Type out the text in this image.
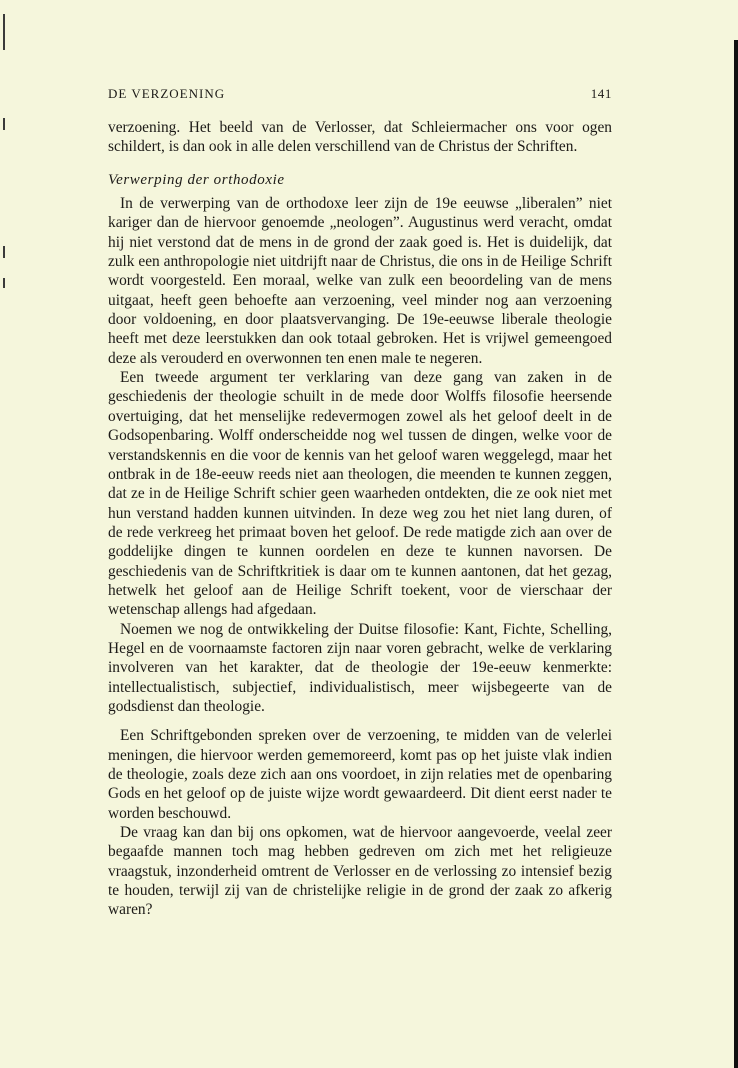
DE VERZOENING	141

verzoening. Het beeld van de Verlosser, dat Schleiermacher ons voor ogen schildert, is dan ook in alle delen verschillend van de Christus der Schriften.

Verwerping der orthodoxie

In de verwerping van de orthodoxe leer zijn de 19e eeuwse „liberalen” niet kariger dan de hiervoor genoemde „neologen”. Augustinus werd veracht, omdat hij niet verstond dat de mens in de grond der zaak goed is. Het is duidelijk, dat zulk een anthropologie niet uitdrijft naar de Christus, die ons in de Heilige Schrift wordt voorgesteld. Een moraal, welke van zulk een beoordeling van de mens uitgaat, heeft geen behoefte aan verzoening, veel minder nog aan verzoening door voldoening, en door plaatsvervanging. De 19e-eeuwse liberale theologie heeft met deze leerstukken dan ook totaal gebroken. Het is vrijwel gemeengoed deze als verouderd en overwonnen ten enen male te negeren.

Een tweede argument ter verklaring van deze gang van zaken in de geschiedenis der theologie schuilt in de mede door Wolffs filosofie heersende overtuiging, dat het menselijke redevermogen zowel als het geloof deelt in de Godsopenbaring. Wolff onderscheidde nog wel tussen de dingen, welke voor de verstandskennis en die voor de kennis van het geloof waren weggelegd, maar het ontbrak in de 18e-eeuw reeds niet aan theologen, die meenden te kunnen zeggen, dat ze in de Heilige Schrift schier geen waarheden ontdekten, die ze ook niet met hun verstand hadden kunnen uitvinden. In deze weg zou het niet lang duren, of de rede verkreeg het primaat boven het geloof. De rede matigde zich aan over de goddelijke dingen te kunnen oordelen en deze te kunnen navorsen. De geschiedenis van de Schriftkritiek is daar om te kunnen aantonen, dat het gezag, hetwelk het geloof aan de Heilige Schrift toekent, voor de vierschaar der wetenschap allengs had afgedaan.

Noemen we nog de ontwikkeling der Duitse filosofie: Kant, Fichte, Schelling, Hegel en de voornaamste factoren zijn naar voren gebracht, welke de verklaring involveren van het karakter, dat de theologie der 19e-eeuw kenmerkte: intellectualistisch, subjectief, individualistisch, meer wijsbegeerte van de godsdienst dan theologie.

Een Schriftgebonden spreken over de verzoening, te midden van de velerlei meningen, die hiervoor werden gememoreerd, komt pas op het juiste vlak indien de theologie, zoals deze zich aan ons voordoet, in zijn relaties met de openbaring Gods en het geloof op de juiste wijze wordt gewaardeerd. Dit dient eerst nader te worden beschouwd.

De vraag kan dan bij ons opkomen, wat de hiervoor aangevoerde, veelal zeer begaafde mannen toch mag hebben gedreven om zich met het religieuze vraagstuk, inzonderheid omtrent de Verlosser en de verlossing zo intensief bezig te houden, terwijl zij van de christelijke religie in de grond der zaak zo afkerig waren?
